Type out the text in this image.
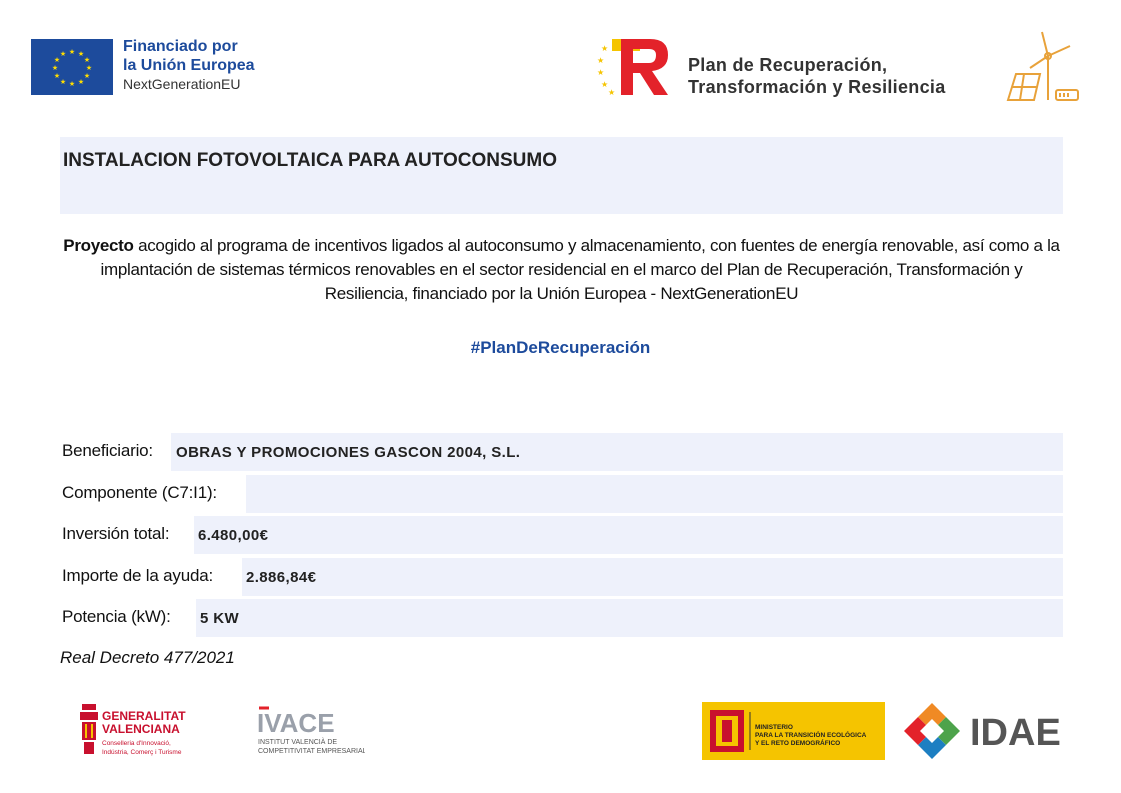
★ ★
★
★
★
★
★
★
★
★
★
★	Financiado por
la Unión Europea
NextGenerationEU
★
★
★
★
★
Plan de Recuperación,
Transformación y Resiliencia
INSTALACION FOTOVOLTAICA PARA AUTOCONSUMO
Proyecto acogido al programa de incentivos ligados al autoconsumo y almacenamiento, con fuentes de energía renovable, así como a la implantación de sistemas térmicos renovables en el sector residencial en el marco del Plan de Recuperación, Transformación y Resiliencia, financiado por la Unión Europea - NextGenerationEU
#PlanDeRecuperación
Beneficiario: OBRAS Y PROMOCIONES GASCON 2004, S.L.
Componente (C7:I1):
Inversión total: 6.480,00€
Importe de la ayuda: 2.886,84€
Potencia (kW): 5 KW
Real Decreto 477/2021
GENERALITAT
VALENCIANA
Conselleria d'Innovació,
Indústria, Comerç i Turisme
IVACE
INSTITUT VALENCIÀ DE
COMPETITIVITAT EMPRESARIAL
MINISTERIO
PARA LA TRANSICIÓN ECOLÓGICA
Y EL RETO DEMOGRÁFICO	IDAE
